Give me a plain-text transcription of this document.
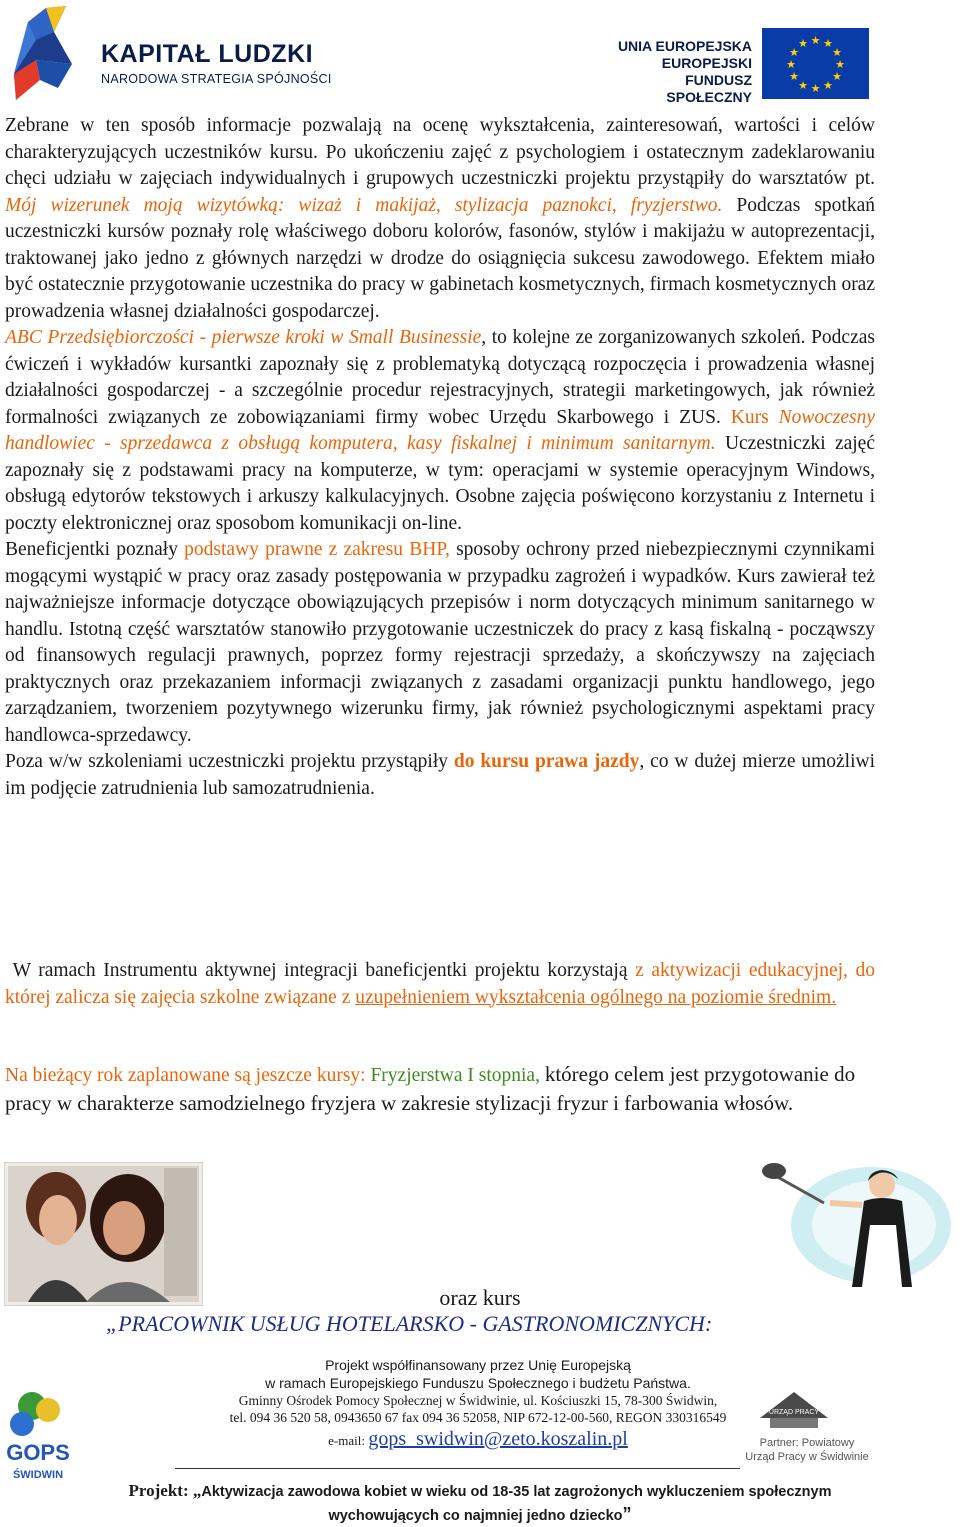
KAPITAŁ LUDZKI
NARODOWA STRATEGIA SPÓJNOŚCI
UNIA EUROPEJSKA
EUROPEJSKI
FUNDUSZ SPOŁECZNY
★ ★
★
★
★
★
★
★
★
★
★
★
Zebrane w ten sposób informacje pozwalają na ocenę wykształcenia, zainteresowań, wartości i celów charakteryzujących uczestników kursu. Po ukończeniu zajęć z psychologiem i ostatecznym zadeklarowaniu chęci udziału w zajęciach indywidualnych i grupowych uczestniczki projektu przystąpiły do warsztatów pt. Mój wizerunek moją wizytówką: wizaż i makijaż, stylizacja paznokci, fryzjerstwo. Podczas spotkań uczestniczki kursów poznały rolę właściwego doboru kolorów, fasonów, stylów i makijażu w autoprezentacji, traktowanej jako jedno z głównych narzędzi w drodze do osiągnięcia sukcesu zawodowego. Efektem miało być ostatecznie przygotowanie uczestnika do pracy w gabinetach kosmetycznych, firmach kosmetycznych oraz prowadzenia własnej działalności gospodarczej.
ABC Przedsiębiorczości - pierwsze kroki w Small Businessie, to kolejne ze zorganizowanych szkoleń. Podczas ćwiczeń i wykładów kursantki zapoznały się z problematyką dotyczącą rozpoczęcia i prowadzenia własnej działalności gospodarczej - a szczególnie procedur rejestracyjnych, strategii marketingowych, jak również formalności związanych ze zobowiązaniami firmy wobec Urzędu Skarbowego i ZUS. Kurs Nowoczesny handlowiec - sprzedawca z obsługą komputera, kasy fiskalnej i minimum sanitarnym. Uczestniczki zajęć zapoznały się z podstawami pracy na komputerze, w tym: operacjami w systemie operacyjnym Windows, obsługą edytorów tekstowych i arkuszy kalkulacyjnych. Osobne zajęcia poświęcono korzystaniu z Internetu i poczty elektronicznej oraz sposobom komunikacji on-line.
Beneficjentki poznały podstawy prawne z zakresu BHP, sposoby ochrony przed niebezpiecznymi czynnikami mogącymi wystąpić w pracy oraz zasady postępowania w przypadku zagrożeń i wypadków. Kurs zawierał też najważniejsze informacje dotyczące obowiązujących przepisów i norm dotyczących minimum sanitarnego w handlu. Istotną część warsztatów stanowiło przygotowanie uczestniczek do pracy z kasą fiskalną - począwszy od finansowych regulacji prawnych, poprzez formy rejestracji sprzedaży, a skończywszy na zajęciach praktycznych oraz przekazaniem informacji związanych z zasadami organizacji punktu handlowego, jego zarządzaniem, tworzeniem pozytywnego wizerunku firmy, jak również psychologicznymi aspektami pracy handlowca-sprzedawcy.
Poza w/w szkoleniami uczestniczki projektu przystąpiły do kursu prawa jazdy, co w dużej mierze umożliwi im podjęcie zatrudnienia lub samozatrudnienia.
W ramach Instrumentu aktywnej integracji baneficjentki projektu korzystają z aktywizacji edukacyjnej, do której zalicza się zajęcia szkolne związane z uzupełnieniem wykształcenia ogólnego na poziomie średnim.
Na bieżący rok zaplanowane są jeszcze kursy: Fryzjerstwa I stopnia, którego celem jest przygotowanie do pracy w charakterze samodzielnego fryzjera w zakresie stylizacji fryzur i farbowania włosów.
oraz kurs
„PRACOWNIK USŁUG HOTELARSKO - GASTRONOMICZNYCH:
GOPS
ŚWIDWIN
Projekt współfinansowany przez Unię Europejską
w ramach Europejskiego Funduszu Społecznego i budżetu Państwa.
Gminny Ośrodek Pomocy Społecznej w Świdwinie, ul. Kościuszki 15, 78-300 Świdwin,
tel. 094 36 520 58, 0943650 67 fax 094 36 52058, NIP 672-12-00-560, REGON 330316549
e-mail: gops_swidwin@zeto.koszalin.pl
URZĄD PRACY
Partner: Powiatowy
Urząd Pracy w Świdwinie
Projekt: „Aktywizacja zawodowa kobiet w wieku od 18-35 lat zagrożonych wykluczeniem społecznym
wychowujących co najmniej jedno dziecko”
